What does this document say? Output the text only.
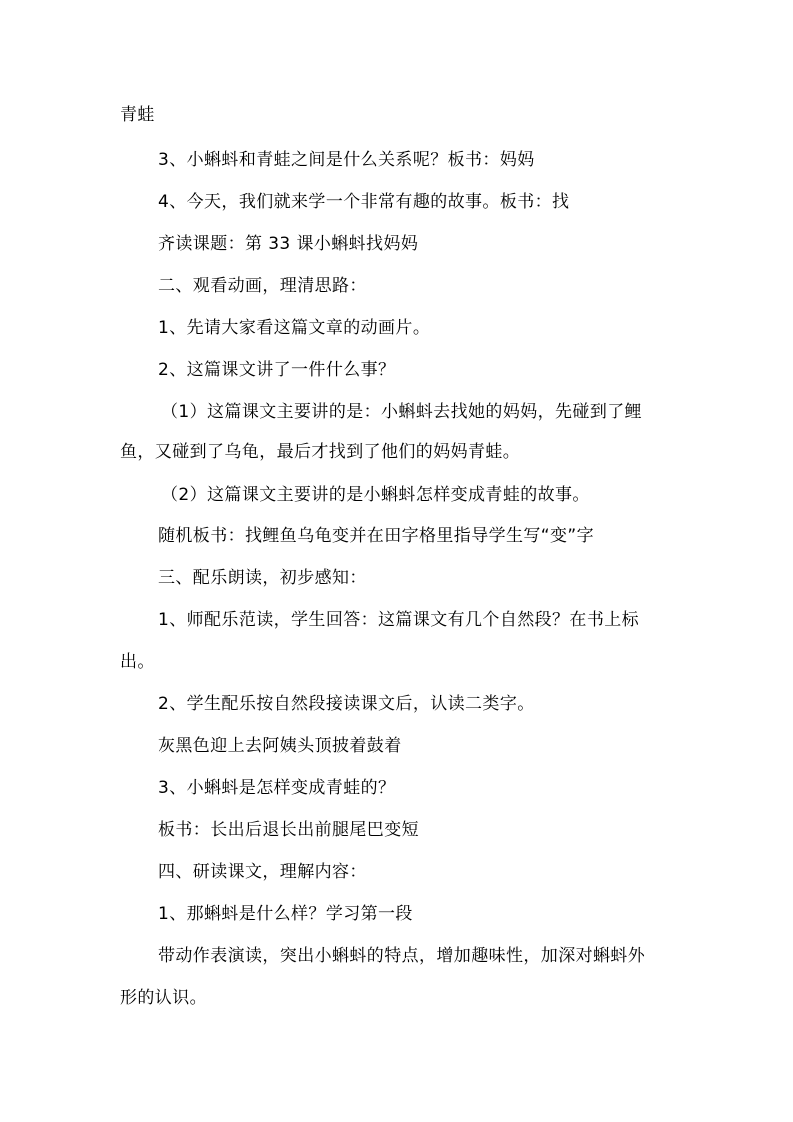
青蛙
3、小蝌蚪和青蛙之间是什么关系呢？板书：妈妈
4、今天，我们就来学一个非常有趣的故事。板书：找
齐读课题：第 33 课小蝌蚪找妈妈
二、观看动画，理清思路：
1、先请大家看这篇文章的动画片。
2、这篇课文讲了一件什么事？
（1）这篇课文主要讲的是：小蝌蚪去找她的妈妈，先碰到了鲤
鱼，又碰到了乌龟，最后才找到了他们的妈妈青蛙。
（2）这篇课文主要讲的是小蝌蚪怎样变成青蛙的故事。
随机板书：找鲤鱼乌龟变并在田字格里指导学生写“变”字
三、配乐朗读，初步感知：
1、师配乐范读，学生回答：这篇课文有几个自然段？在书上标
出。
2、学生配乐按自然段接读课文后，认读二类字。
灰黑色迎上去阿姨头顶披着鼓着
3、小蝌蚪是怎样变成青蛙的？
板书：长出后退长出前腿尾巴变短
四、研读课文，理解内容：
1、那蝌蚪是什么样？学习第一段
带动作表演读，突出小蝌蚪的特点，增加趣味性，加深对蝌蚪外
形的认识。
